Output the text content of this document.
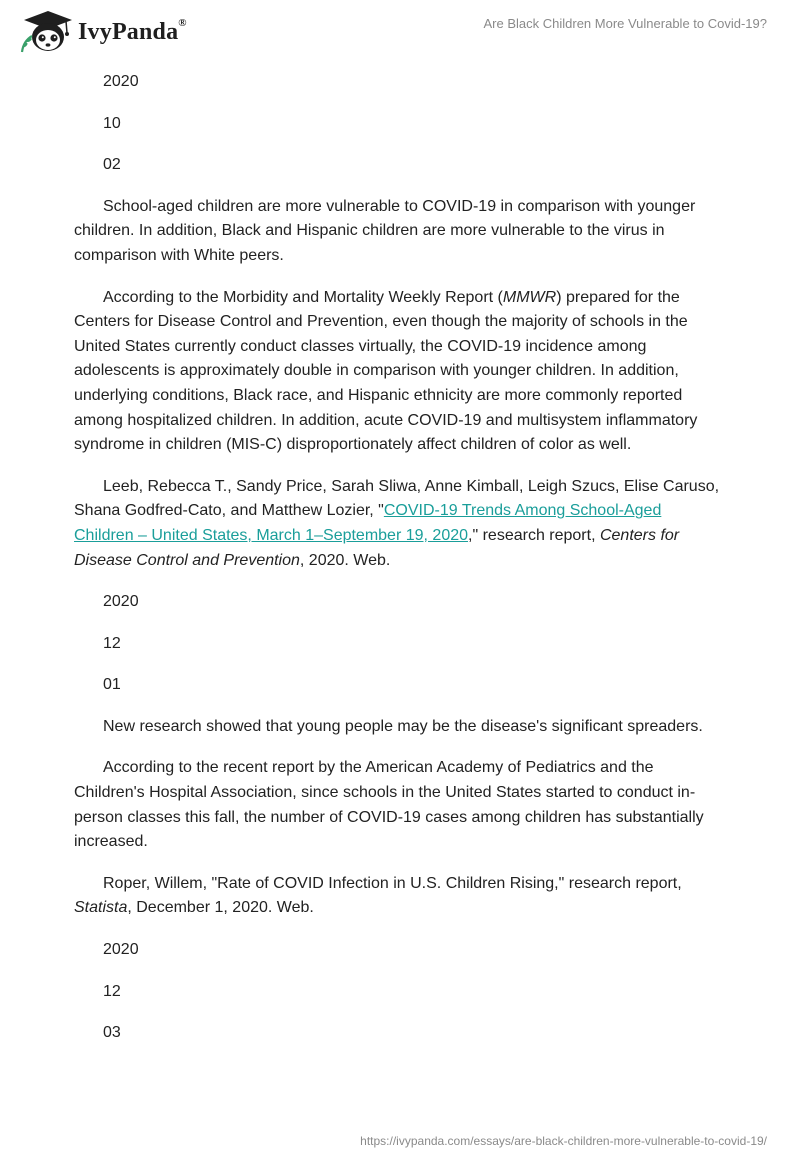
IvyPanda®	Are Black Children More Vulnerable to Covid-19?

2020

10

02

School-aged children are more vulnerable to COVID-19 in comparison with younger children. In addition, Black and Hispanic children are more vulnerable to the virus in comparison with White peers.

According to the Morbidity and Mortality Weekly Report (MMWR) prepared for the Centers for Disease Control and Prevention, even though the majority of schools in the United States currently conduct classes virtually, the COVID-19 incidence among adolescents is approximately double in comparison with younger children. In addition, underlying conditions, Black race, and Hispanic ethnicity are more commonly reported among hospitalized children. In addition, acute COVID-19 and multisystem inflammatory syndrome in children (MIS-C) disproportionately affect children of color as well.

Leeb, Rebecca T., Sandy Price, Sarah Sliwa, Anne Kimball, Leigh Szucs, Elise Caruso, Shana Godfred-Cato, and Matthew Lozier, "COVID-19 Trends Among School-Aged Children – United States, March 1–September 19, 2020," research report, Centers for Disease Control and Prevention, 2020. Web.

2020

12

01

New research showed that young people may be the disease's significant spreaders.

According to the recent report by the American Academy of Pediatrics and the Children's Hospital Association, since schools in the United States started to conduct in-person classes this fall, the number of COVID-19 cases among children has substantially increased.

Roper, Willem, "Rate of COVID Infection in U.S. Children Rising," research report, Statista, December 1, 2020. Web.

2020

12

03

https://ivypanda.com/essays/are-black-children-more-vulnerable-to-covid-19/
